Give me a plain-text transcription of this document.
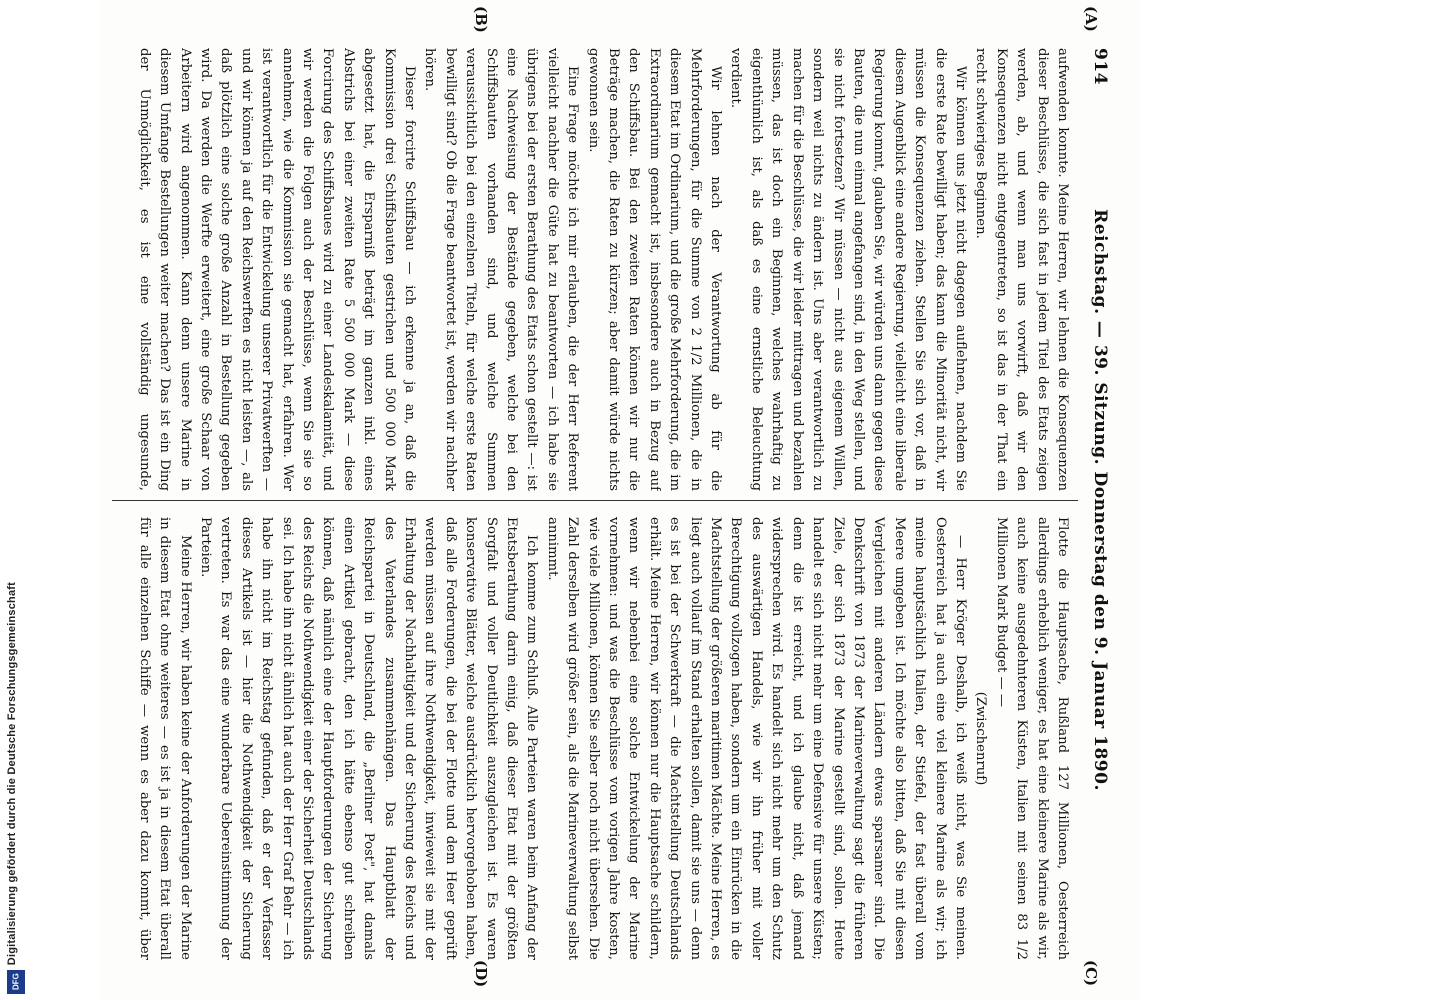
Digitalisierung gefördert durch die Deutsche Forschungsgemeinschaft
DFG
914
Reichstag. — 39. Sitzung. Donnerstag den 9. Januar 1890.
(A)
(B)
(C)
(D)

aufwenden konnte. Meine Herren, wir lehnen die Konsequenzen dieser Beschlüsse, die sich fast in jedem Titel des Etats zeigen werden, ab, und wenn man uns vorwirft, daß wir den Konsequenzen nicht entgegentreten, so ist das in der That ein recht schwieriges Beginnen.

Wir können uns jetzt nicht dagegen auflehnen, nachdem Sie die erste Rate bewilligt haben; das kann die Minorität nicht, wir müssen die Konsequenzen ziehen. Stellen Sie sich vor, daß in diesem Augenblick eine andere Regierung, vielleicht eine liberale Regierung kommt, glauben Sie, wir würden uns dann gegen diese Bauten, die nun einmal angefangen sind, in den Weg stellen, und sie nicht fortsetzen? Wir müssen — nicht aus eigenem Willen, sondern weil nichts zu ändern ist. Uns aber verantwortlich zu machen für die Beschlüsse, die wir leider mittragen und bezahlen müssen, das ist doch ein Beginnen, welches wahrhaftig zu eigenthümlich ist, als daß es eine ernstliche Beleuchtung verdient.

Wir lehnen nach der Verantwortung ab für die Mehrforderungen, für die Summe von 2 1/2 Millionen, die in diesem Etat im Ordinarium, und die große Mehrforderung, die im Extraordinarium gemacht ist, insbesondere auch in Bezug auf den Schiffsbau. Bei den zweiten Raten können wir nur die Beträge machen, die Raten zu kürzen; aber damit würde nichts gewonnen sein.

Eine Frage möchte ich mir erlauben, die der Herr Referent vielleicht nachher die Güte hat zu beantworten — ich habe sie übrigens bei der ersten Berathung des Etats schon gestellt —: ist eine Nachweisung der Bestände gegeben, welche bei den Schiffsbauten vorhanden sind, und welche Summen veraussichtlich bei den einzelnen Titeln, für welche erste Raten bewilligt sind? Ob die Frage beantwortet ist, werden wir nachher hören.

Dieser forcirte Schiffsbau — ich erkenne ja an, daß die Kommission drei Schiffsbauten gestrichen und 500 000 Mark abgesetzt hat, die Ersparniß beträgt im ganzen inkl. eines Abstrichs bei einer zweiten Rate 5 500 000 Mark — diese Forcirung des Schiffsbaues wird zu einer Landeskalamität, und wir werden die Folgen auch der Beschlüsse, wenn Sie sie so annehmen, wie die Kommission sie gemacht hat, erfahren. Wer ist verantwortlich für die Entwickelung unserer Privatwerften — und wir können ja auf den Reichswerften es nicht leisten —, als daß plötzlich eine solche große Anzahl in Bestellung gegeben wird. Da werden die Werfte erweitert, eine große Schaar von Arbeitern wird angenommen. Kann denn unsere Marine in diesem Umfange Bestellungen weiter machen? Das ist ein Ding der Unmöglichkeit, es ist eine vollständig ungesunde,

Flotte die Hauptsache, Rußland 127 Millionen, Oesterreich allerdings erheblich weniger, es hat eine kleinere Marine als wir, auch keine ausgedehnteren Küsten, Italien mit seinen 83 1/2 Millionen Mark Budget — —

(Zwischenruf)

— Herr Kröger Deshalb, ich weiß nicht, was Sie meinen. Oesterreich hat ja auch eine viel kleinere Marine als wir; ich meine hauptsächlich Italien, der Stiefel, der fast überall vom Meere umgeben ist. Ich möchte also bitten, daß Sie mit diesen Vergleichen mit anderen Ländern etwas sparsamer sind. Die Denkschrift von 1873 der Marineverwaltung sagt die früheren Ziele, der sich 1873 der Marine gestellt sind, sollen. Heute handelt es sich nicht mehr um eine Defensive für unsere Küsten; denn die ist erreicht, und ich glaube nicht, daß jemand widersprechen wird. Es handelt sich nicht mehr um den Schutz des auswärtigen Handels, wie wir ihn früher mit voller Berechtigung vollzogen haben, sondern um ein Einrücken in die Machtstellung der größeren maritimen Mächte. Meine Herren, es liegt auch vollauf im Stand erhalten sollen, damit sie uns — denn es ist bei der Schwerkraft — die Machtstellung Deutschlands erhält. Meine Herren, wir können nur die Hauptsache schildern, wenn wir nebenbei eine solche Entwickelung der Marine vornehmen: und was die Beschlüsse vom vorigen Jahre kosten, wie viele Millionen, können Sie selber noch nicht übersehen. Die Zahl derselben wird größer sein, als die Marineverwaltung selbst annimmt.

Ich komme zum Schluß. Alle Parteien waren beim Anfang der Etatsberathung darin einig, daß dieser Etat mit der größten Sorgfalt und voller Deutlichkeit auszugleichen ist. Es waren konservative Blätter, welche ausdrücklich hervorgehoben haben, daß alle Forderungen, die bei der Flotte und dem Heer geprüft werden müssen auf ihre Nothwendigkeit, inwieweit sie mit der Erhaltung der Nachhaltigkeit und der Sicherung des Reichs und des Vaterlandes zusammenhängen. Das Hauptblatt der Reichspartei in Deutschland, die „Berliner Post", hat damals einen Artikel gebracht, den ich hätte ebenso gut schreiben können, daß nämlich eine der Hauptforderungen der Sicherung des Reichs die Nothwendigkeit einer der Sicherheit Deutschlands sei. Ich habe ihn nicht ähnlich hat auch der Herr Graf Behr — ich habe ihn nicht im Reichstag gefunden, daß er der Verfasser dieses Artikels ist — hier die Nothwendigkeit der Sicherung vertreten. Es war das eine wunderbare Uebereinstimmung der Parteien.

Meine Herren, wir haben keine der Anforderungen der Marine in diesem Etat ohne weiteres — es ist ja in diesem Etat überall für alle einzelnen Schiffe — wenn es aber dazu kommt, über
